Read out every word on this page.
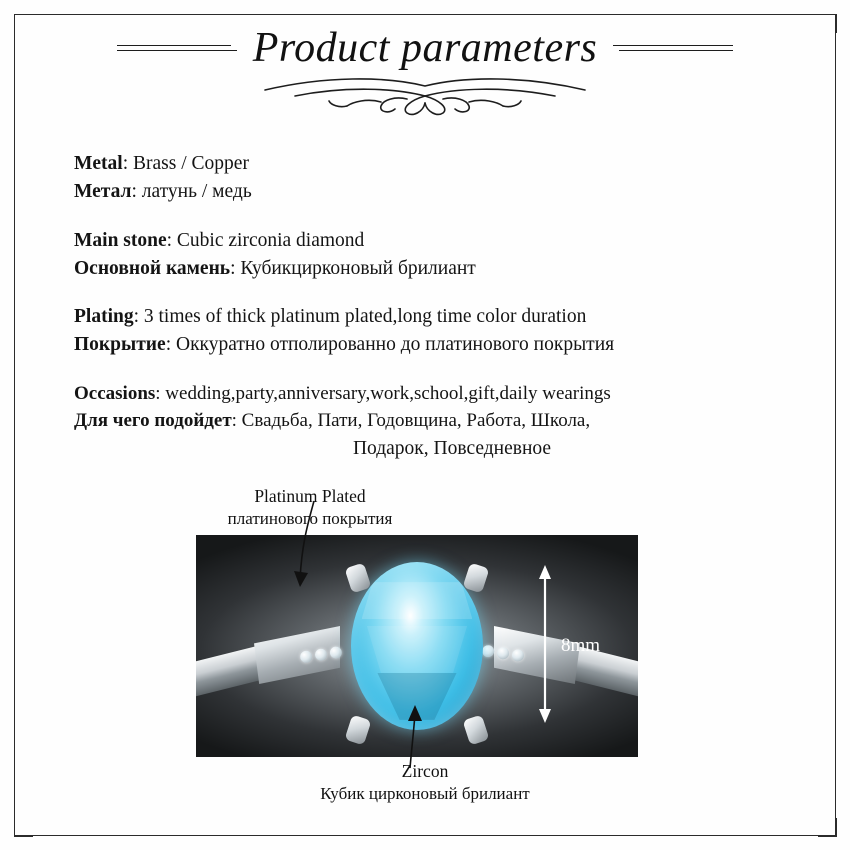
Product parameters
Metal: Brass / Copper
Метал: латунь / медь
Main stone: Cubic zirconia diamond
Основной камень: Кубикцирконовый брилиант
Plating: 3 times of thick platinum plated,long time color duration
Покрытие: Оккуратно отполированно до платинового покрытия
Occasions: wedding,party,anniversary,work,school,gift,daily wearings
Для чего подойдет: Свадьба, Пати, Годовщина, Работа, Школа,
Подарок, Повседневное
Platinum Plated
платинового покрытия
8mm
Zircon
Кубик цирконовый брилиант
